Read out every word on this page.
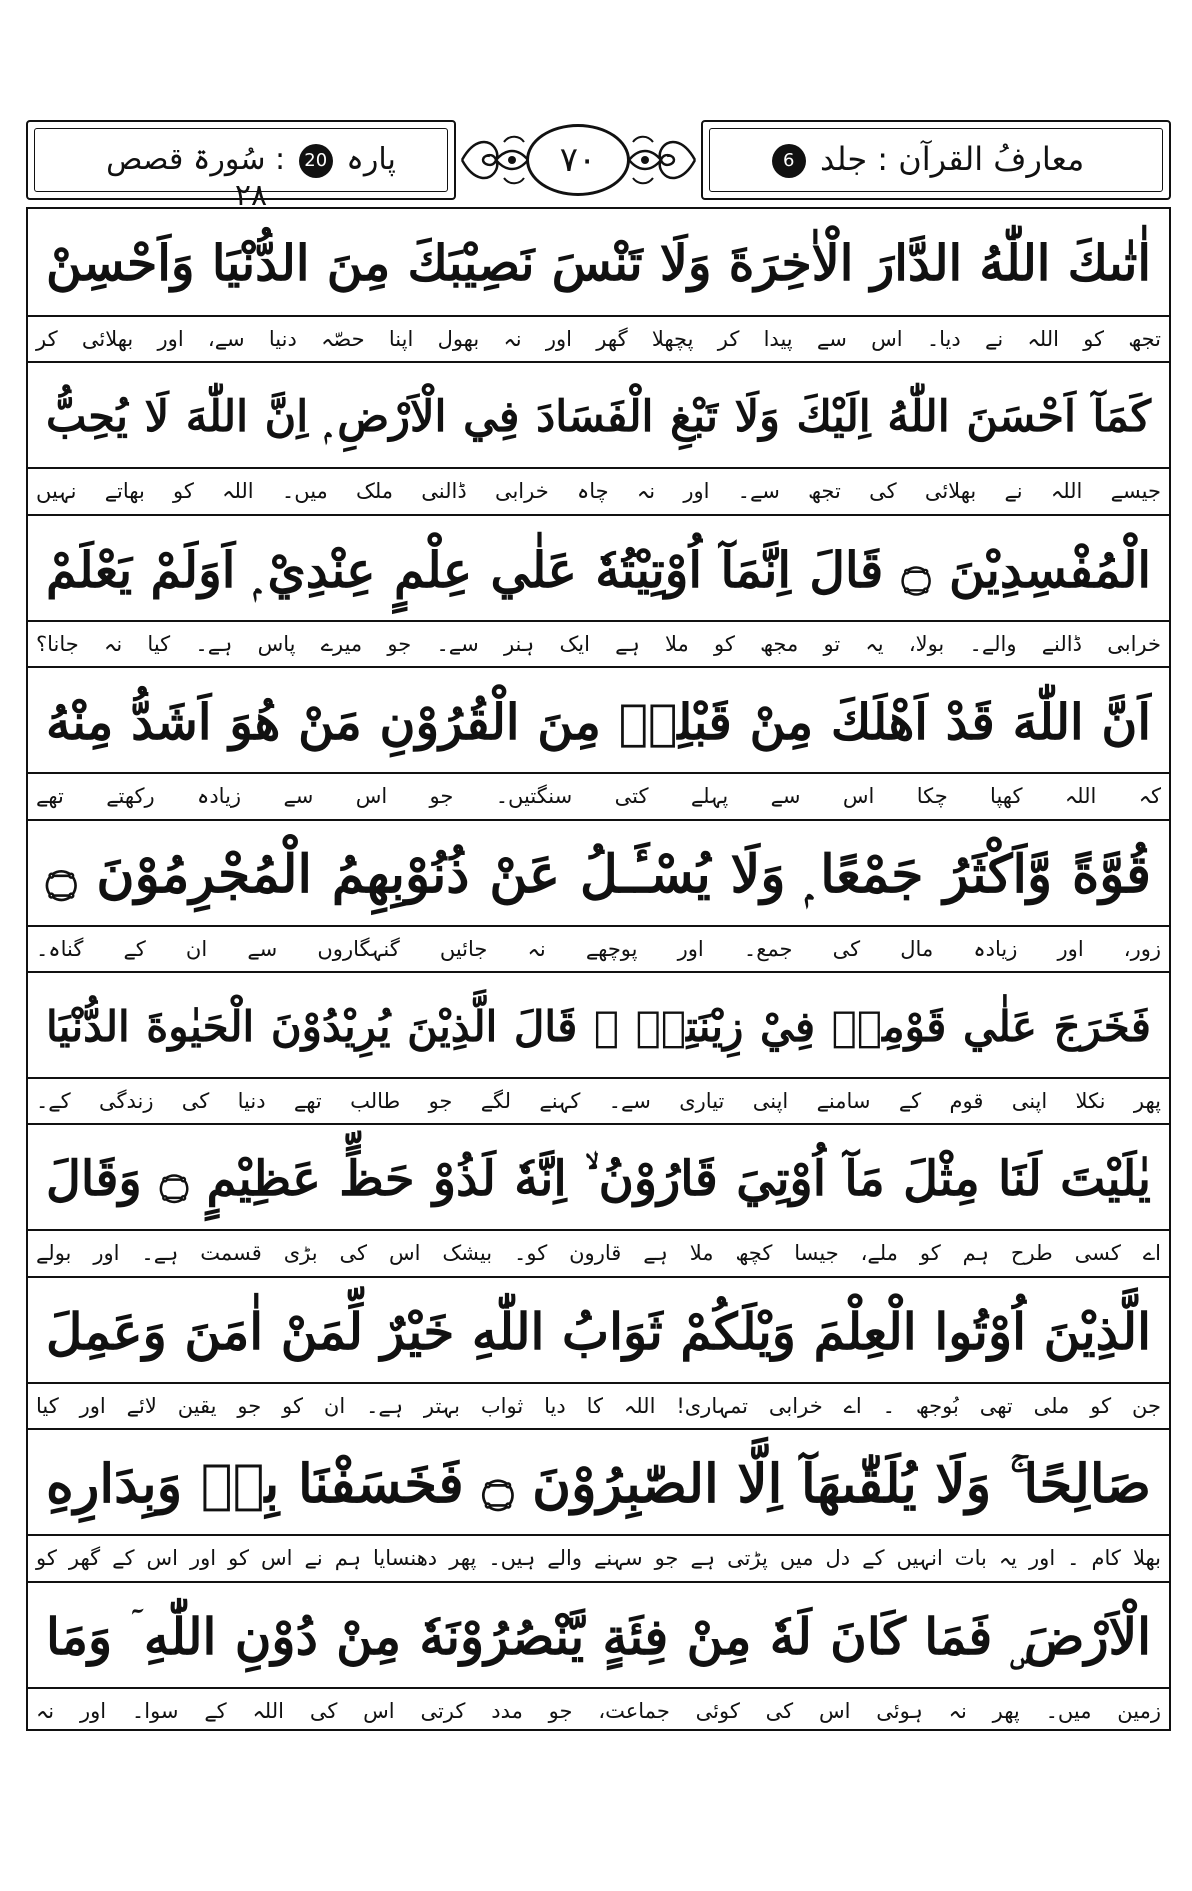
پارہ 20 : سُورۃ قصص ۲۸
۷۰	معارفُ القرآن : جلد 6
اٰتٰىكَ اللّٰهُ الدَّارَ الْاٰخِرَةَ وَلَا تَنْسَ نَصِيْبَكَ مِنَ الدُّنْيَا وَاَحْسِنْ
تجھ کو اللہ نے دیا۔ اس سے پیدا کر پچھلا گھر اور نہ بھول اپنا حصّہ دنیا سے، اور بھلائی کر
كَمَآ اَحْسَنَ اللّٰهُ اِلَيْكَ وَلَا تَبْغِ الْفَسَادَ فِي الْاَرْضِ ۭ اِنَّ اللّٰهَ لَا يُحِبُّ
جیسے اللہ نے بھلائی کی تجھ سے۔ اور نہ چاہ خرابی ڈالنی ملک میں۔ اللہ کو بھاتے نہیں
الْمُفْسِدِيْنَ ۝ قَالَ اِنَّمَآ اُوْتِيْتُهٗ عَلٰي عِلْمٍ عِنْدِيْ ۭ اَوَلَمْ يَعْلَمْ
خرابی ڈالنے والے۔ بولا، یہ تو مجھ کو ملا ہے ایک ہنر سے۔ جو میرے پاس ہے۔ کیا نہ جانا؟
اَنَّ اللّٰهَ قَدْ اَهْلَكَ مِنْ قَبْلِهٖ مِنَ الْقُرُوْنِ مَنْ هُوَ اَشَدُّ مِنْهُ
کہ اللہ کھپا چکا اس سے پہلے کتی سنگتیں۔ جو اس سے زیادہ رکھتے تھے
قُوَّةً وَّاَكْثَرُ جَمْعًا ۭ وَلَا يُسْـَٔـلُ عَنْ ذُنُوْبِهِمُ الْمُجْرِمُوْنَ ۝
زور، اور زیادہ مال کی جمع۔ اور پوچھے نہ جائیں گنہگاروں سے ان کے گناہ۔
فَخَرَجَ عَلٰي قَوْمِهٖ فِيْ زِيْنَتِهٖ ۭ قَالَ الَّذِيْنَ يُرِيْدُوْنَ الْحَيٰوةَ الدُّنْيَا
پھر نکلا اپنی قوم کے سامنے اپنی تیاری سے۔ کہنے لگے جو طالب تھے دنیا کی زندگی کے۔
يٰلَيْتَ لَنَا مِثْلَ مَآ اُوْتِيَ قَارُوْنُ ۙ اِنَّهٗ لَذُوْ حَظٍّ عَظِيْمٍ ۝ وَقَالَ
اے کسی طرح ہم کو ملے، جیسا کچھ ملا ہے قارون کو۔ بیشک اس کی بڑی قسمت ہے۔ اور بولے
الَّذِيْنَ اُوْتُوا الْعِلْمَ وَيْلَكُمْ ثَوَابُ اللّٰهِ خَيْرٌ لِّمَنْ اٰمَنَ وَعَمِلَ
جن کو ملی تھی بُوجھ ۔ اے خرابی تمہاری! اللہ کا دیا ثواب بہتر ہے۔ ان کو جو یقین لائے اور کیا
صَالِحًا ۚ وَلَا يُلَقّٰىهَآ اِلَّا الصّٰبِرُوْنَ ۝ فَخَسَفْنَا بِهٖ وَبِدَارِهِ
بھلا کام ۔ اور یہ بات انہیں کے دل میں پڑتی ہے جو سہنے والے ہیں۔ پھر دھنسایا ہم نے اس کو اور اس کے گھر کو
الْاَرْضَ ۣ فَمَا كَانَ لَهٗ مِنْ فِئَةٍ يَّنْصُرُوْنَهٗ مِنْ دُوْنِ اللّٰهِ ۤ وَمَا
زمین میں۔ پھر نہ ہوئی اس کی کوئی جماعت، جو مدد کرتی اس کی اللہ کے سوا۔ اور نہ
